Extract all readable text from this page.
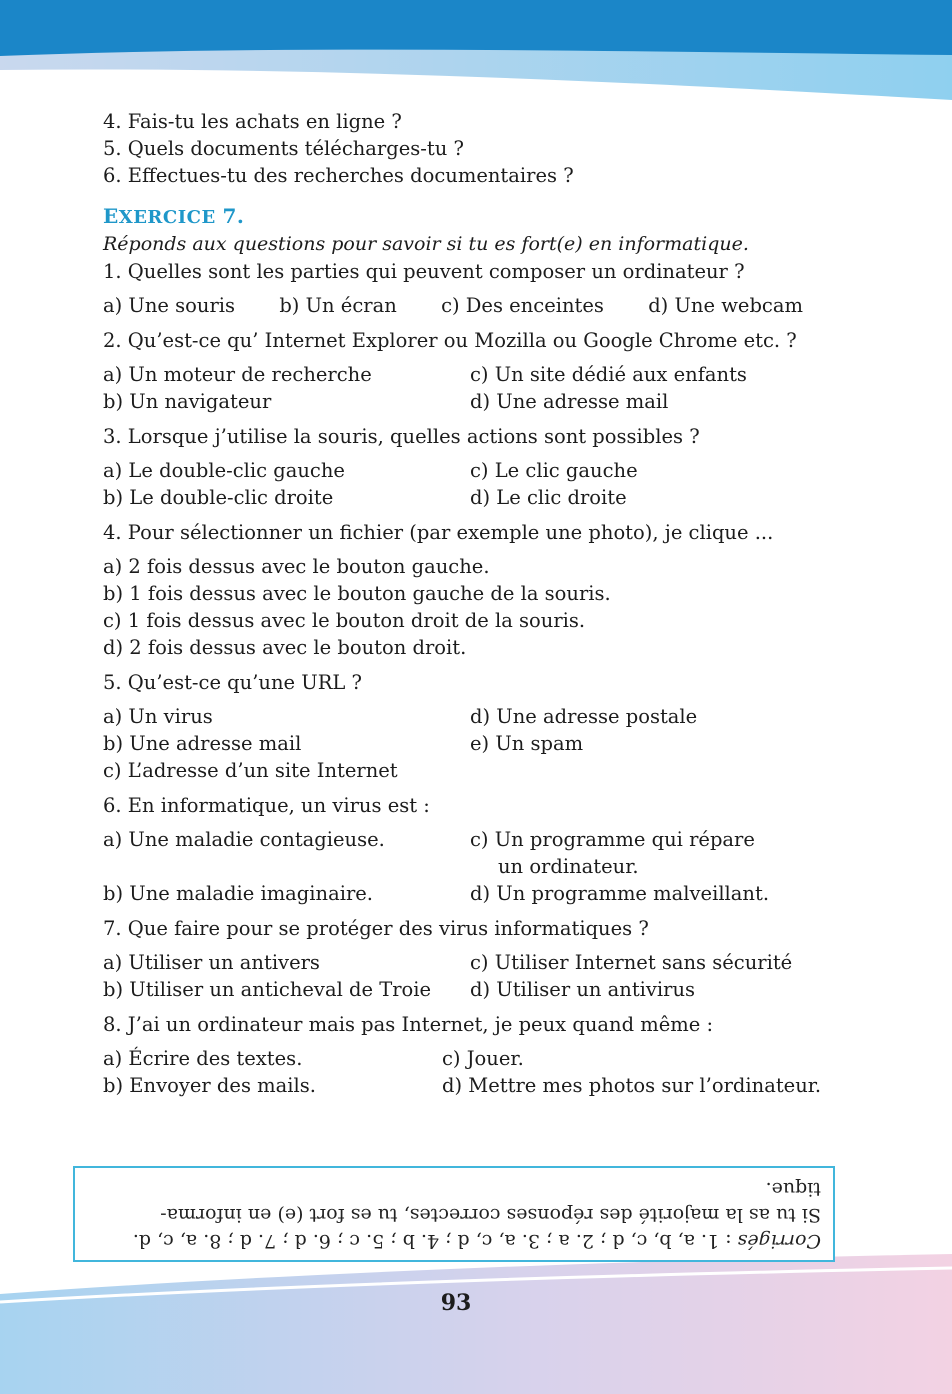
4. Fais-tu les achats en ligne ?
5. Quels documents télécharges-tu ?
6. Effectues-tu des recherches documentaires ?
EXERCICE 7.
Réponds aux questions pour savoir si tu es fort(e) en informatique.
1. Quelles sont les parties qui peuvent composer un ordinateur ?
a) Une souris b) Un écran c) Des enceintes d) Une webcam
2. Qu’est-ce qu’ Internet Explorer ou Mozilla ou Google Chrome etc. ?
a) Un moteur de recherche	c) Un site dédié aux enfants
b) Un navigateur	d) Une adresse mail
3. Lorsque j’utilise la souris, quelles actions sont possibles ?
a) Le double-clic gauche	c) Le clic gauche
b) Le double-clic droite	d) Le clic droite
4. Pour sélectionner un fichier (par exemple une photo), je clique ...
a) 2 fois dessus avec le bouton gauche.
b) 1 fois dessus avec le bouton gauche de la souris.
c) 1 fois dessus avec le bouton droit de la souris.
d) 2 fois dessus avec le bouton droit.
5. Qu’est-ce qu’une URL ?
a) Un virus	d) Une adresse postale
b) Une adresse mail	e) Un spam
c) L’adresse d’un site Internet
6. En informatique, un virus est :
a) Une maladie contagieuse.	c) Un programme qui répare
un ordinateur.
b) Une maladie imaginaire.	d) Un programme malveillant.
7. Que faire pour se protéger des virus informatiques ?
a) Utiliser un antivers	c) Utiliser Internet sans sécurité
b) Utiliser un anticheval de Troie	d) Utiliser un antivirus
8. J’ai un ordinateur mais pas Internet, je peux quand même :
a) Écrire des textes.	c) Jouer.
b) Envoyer des mails.	d) Mettre mes photos sur l’ordinateur.
Corrigés : 1. a, b, c, d ; 2. a ; 3. a, c, d ; 4. b ; 5. c ; 6. d ; 7. d ; 8. a, c, d.
Si tu as la majorité des réponses correctes, tu es fort (e) en informa-
tique.
93
